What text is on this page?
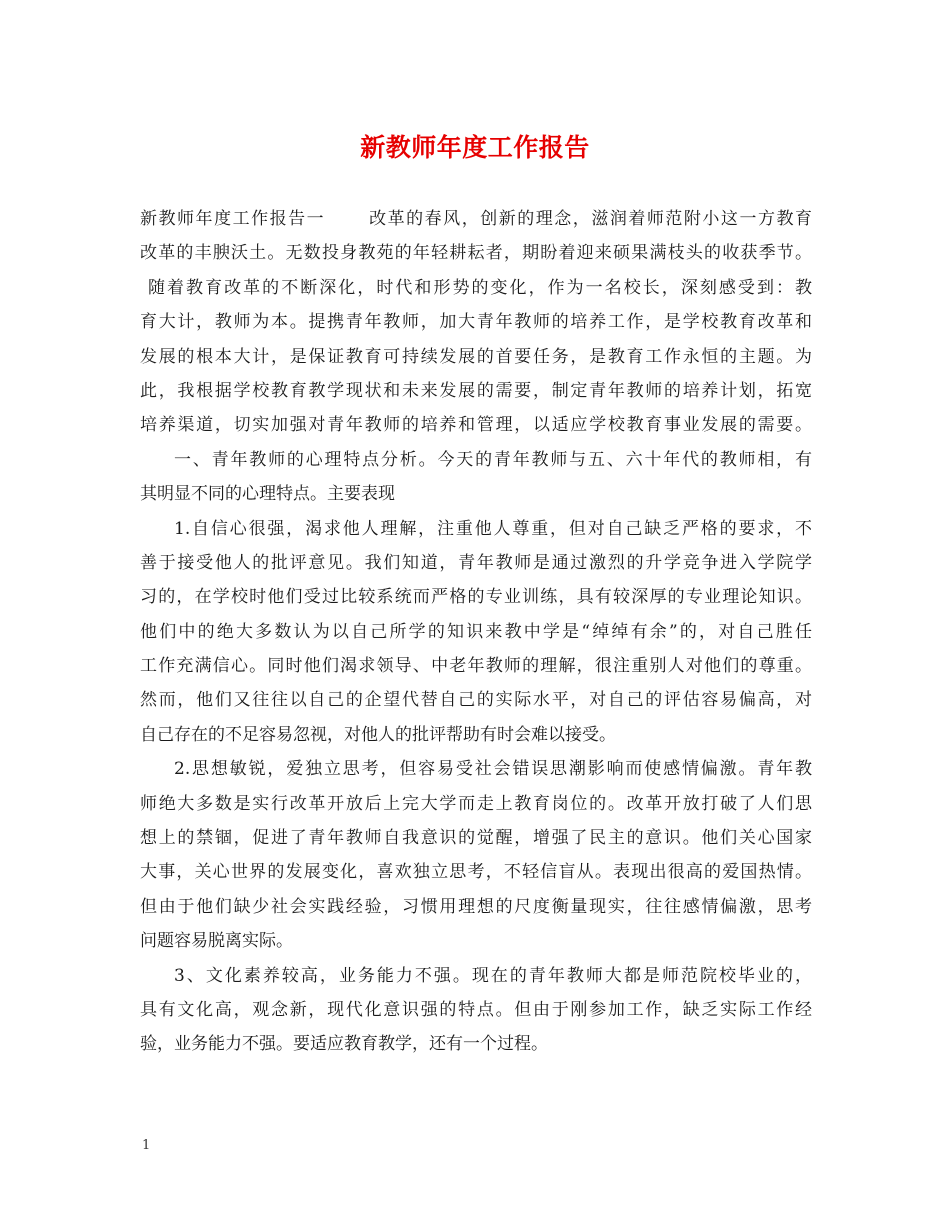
新教师年度工作报告
新教师年度工作报告一　　 改革的春风，创新的理念，滋润着师范附小这一方教育
改革的丰腴沃土。无数投身教苑的年轻耕耘者，期盼着迎来硕果满枝头的收获季节。
随着教育改革的不断深化，时代和形势的变化，作为一名校长，深刻感受到：教
育大计，教师为本。提携青年教师，加大青年教师的培养工作，是学校教育改革和
发展的根本大计，是保证教育可持续发展的首要任务，是教育工作永恒的主题。为
此，我根据学校教育教学现状和未来发展的需要，制定青年教师的培养计划，拓宽
培养渠道，切实加强对青年教师的培养和管理，以适应学校教育事业发展的需要。
一、青年教师的心理特点分析。今天的青年教师与五、六十年代的教师相，有
其明显不同的心理特点。主要表现
1.自信心很强，渴求他人理解，注重他人尊重，但对自己缺乏严格的要求，不
善于接受他人的批评意见。我们知道，青年教师是通过激烈的升学竞争进入学院学
习的，在学校时他们受过比较系统而严格的专业训练，具有较深厚的专业理论知识。
他们中的绝大多数认为以自己所学的知识来教中学是“绰绰有余”的，对自己胜任
工作充满信心。同时他们渴求领导、中老年教师的理解，很注重别人对他们的尊重。
然而，他们又往往以自己的企望代替自己的实际水平，对自己的评估容易偏高，对
自己存在的不足容易忽视，对他人的批评帮助有时会难以接受。
2.思想敏锐，爱独立思考，但容易受社会错误思潮影响而使感情偏激。青年教
师绝大多数是实行改革开放后上完大学而走上教育岗位的。改革开放打破了人们思
想上的禁锢，促进了青年教师自我意识的觉醒，增强了民主的意识。他们关心国家
大事，关心世界的发展变化，喜欢独立思考，不轻信盲从。表现出很高的爱国热情。
但由于他们缺少社会实践经验，习惯用理想的尺度衡量现实，往往感情偏激，思考
问题容易脱离实际。
3、文化素养较高，业务能力不强。现在的青年教师大都是师范院校毕业的，
具有文化高，观念新，现代化意识强的特点。但由于刚参加工作，缺乏实际工作经
验，业务能力不强。要适应教育教学，还有一个过程。
1
